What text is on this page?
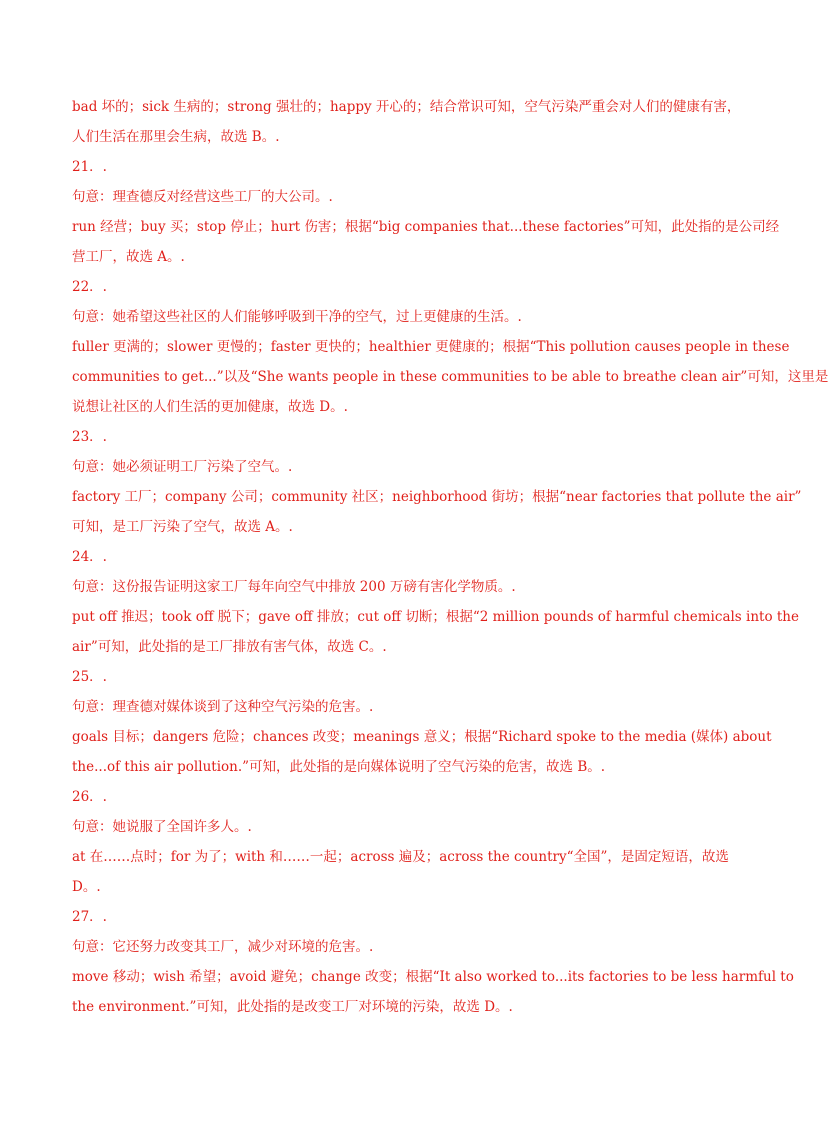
bad 坏的；sick 生病的；strong 强壮的；happy 开心的；结合常识可知，空气污染严重会对人们的健康有害，
人们生活在那里会生病，故选 B。.
21．.
句意：理查德反对经营这些工厂的大公司。.
run 经营；buy 买；stop 停止；hurt 伤害；根据“big companies that...these factories”可知，此处指的是公司经
营工厂，故选 A。.
22．.
句意：她希望这些社区的人们能够呼吸到干净的空气，过上更健康的生活。.
fuller 更满的；slower 更慢的；faster 更快的；healthier 更健康的；根据“This pollution causes people in these
communities to get...”以及“She wants people in these communities to be able to breathe clean air”可知，这里是
说想让社区的人们生活的更加健康，故选 D。.
23．.
句意：她必须证明工厂污染了空气。.
factory 工厂；company 公司；community 社区；neighborhood 街坊；根据“near factories that pollute the air”
可知，是工厂污染了空气，故选 A。.
24．.
句意：这份报告证明这家工厂每年向空气中排放 200 万磅有害化学物质。.
put off 推迟；took off 脱下；gave off 排放；cut off 切断；根据“2 million pounds of harmful chemicals into the
air”可知，此处指的是工厂排放有害气体，故选 C。.
25．.
句意：理查德对媒体谈到了这种空气污染的危害。.
goals 目标；dangers 危险；chances 改变；meanings 意义；根据“Richard spoke to the media (媒体) about
the...of this air pollution.”可知，此处指的是向媒体说明了空气污染的危害，故选 B。.
26．.
句意：她说服了全国许多人。.
at 在……点时；for 为了；with 和……一起；across 遍及；across the country“全国”，是固定短语，故选
D。.
27．.
句意：它还努力改变其工厂，减少对环境的危害。.
move 移动；wish 希望；avoid 避免；change 改变；根据“It also worked to...its factories to be less harmful to
the environment.”可知，此处指的是改变工厂对环境的污染，故选 D。.
